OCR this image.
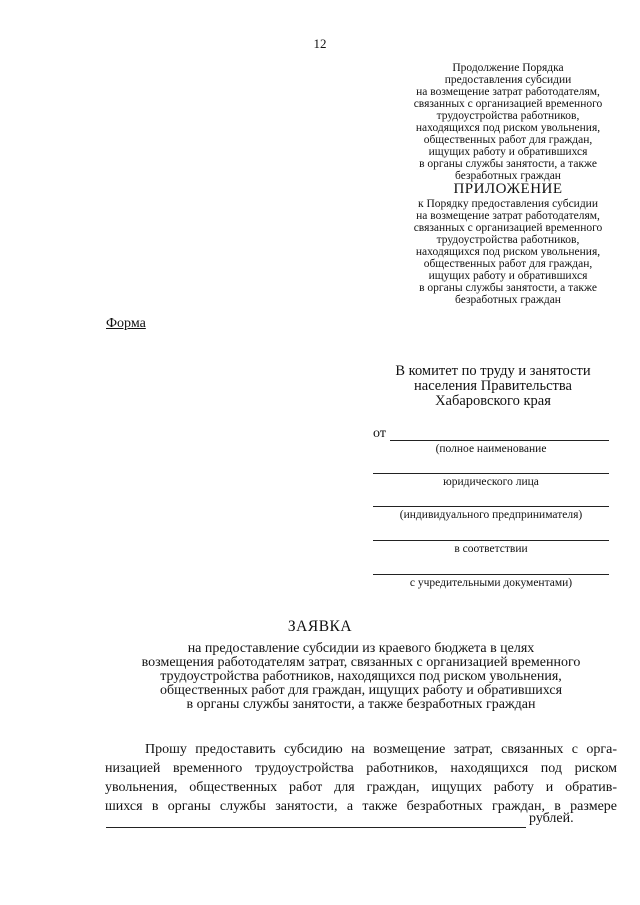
12
Продолжение Порядка
предоставления субсидии
на возмещение затрат работодателям,
связанных с организацией временного
трудоустройства работников,
находящихся под риском увольнения,
общественных работ для граждан,
ищущих работу и обратившихся
в органы службы занятости, а также
безработных граждан
ПРИЛОЖЕНИЕ
к Порядку предоставления субсидии
на возмещение затрат работодателям,
связанных с организацией временного
трудоустройства работников,
находящихся под риском увольнения,
общественных работ для граждан,
ищущих работу и обратившихся
в органы службы занятости, а также
безработных граждан
Форма
В комитет по труду и занятости
населения Правительства
Хабаровского края
от
(полное наименование
юридического лица
(индивидуального предпринимателя)
в соответствии
с учредительными документами)
ЗАЯВКА
на предоставление субсидии из краевого бюджета в целях
возмещения работодателям затрат, связанных с организацией временного
трудоустройства работников, находящихся под риском увольнения,
общественных работ для граждан, ищущих работу и обратившихся
в органы службы занятости, а также безработных граждан
Прошу предоставить субсидию на возмещение затрат, связанных с орга-
низацией временного трудоустройства работников, находящихся под риском
увольнения, общественных работ для граждан, ищущих работу и обратив-
шихся в органы службы занятости, а также безработных граждан, в размере
рублей.
